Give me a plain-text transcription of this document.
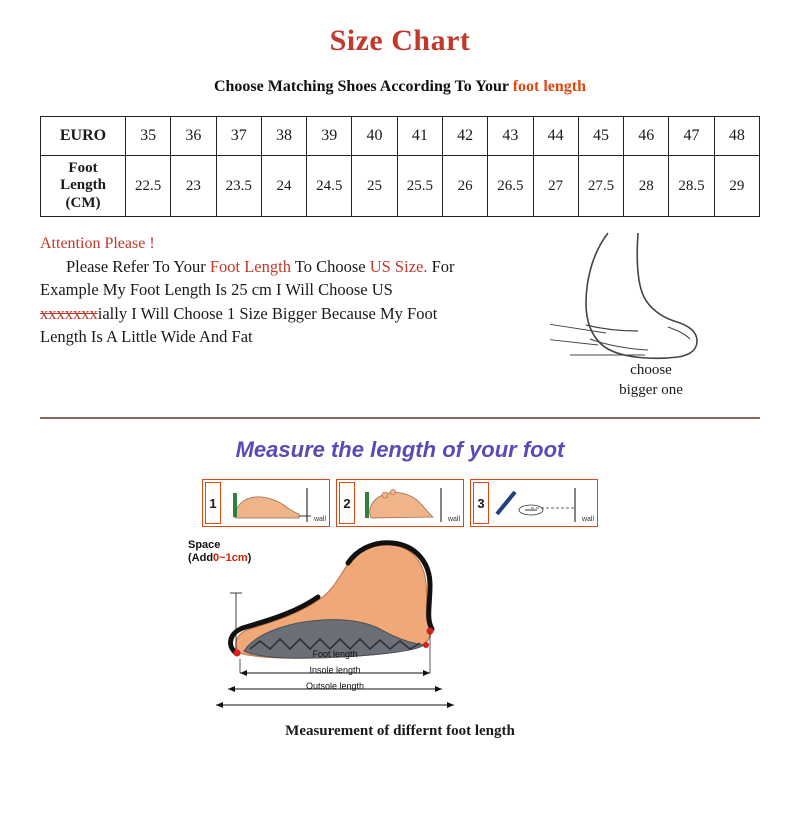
Size Chart
Choose Matching Shoes According To Your foot length
EURO	35	36	37	38	39	40	41	42	43	44	45	46	47	48

Foot
Length
(CM)	22.5	23	23.5	24	24.5	25	25.5	26	26.5	27	27.5	28	28.5	29
Attention Please !
Please Refer To Your Foot Length To Choose US Size. For Example My Foot Length Is 25 cm I Will Choose US xxxxxxxially I Will Choose 1 Size Bigger Because My Foot Length Is A Little Wide And Fat
choose
bigger one
Measure the length of your foot
1
wall
2
wall
3
wall
Space
(Add0~1cm)
Foot length
Insole length
Outsole length
Measurement of differnt foot length
